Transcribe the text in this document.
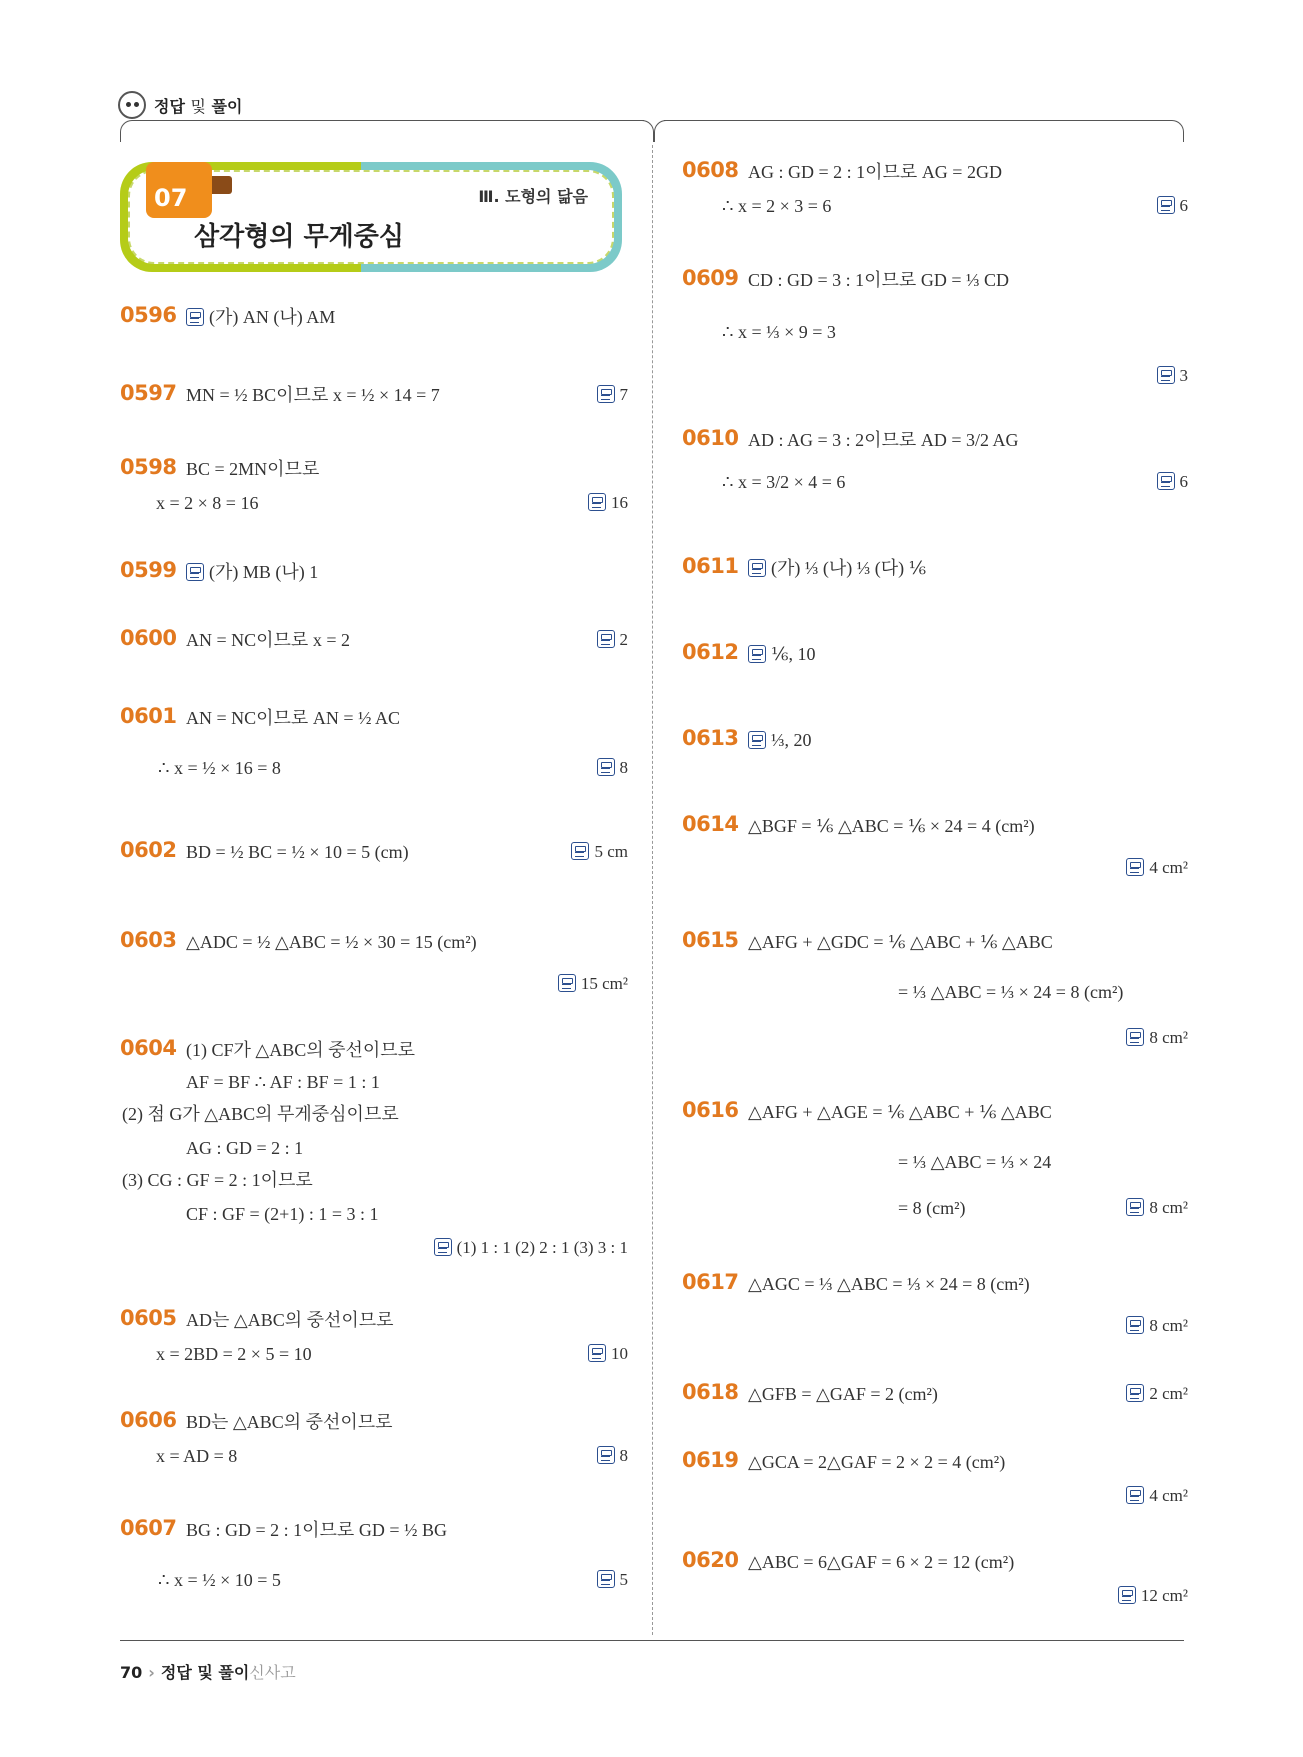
정답 및 풀이
07	Ⅲ. 도형의 닮음
삼각형의 무게중심
0596	(가) AN (나) AM
0597 MN = ½ BC이므로 x = ½ × 14 = 7	7
0598 BC = 2MN이므로
x = 2 × 8 = 16	16
0599	(가) MB (나) 1
0600 AN = NC이므로 x = 2	2
0601 AN = NC이므로 AN = ½ AC
∴ x = ½ × 16 = 8	8
0602 BD = ½ BC = ½ × 10 = 5 (cm)	5 cm
0603 △ADC = ½ △ABC = ½ × 30 = 15 (cm²)
15 cm²
0604 (1) CF가 △ABC의 중선이므로
AF = BF ∴ AF : BF = 1 : 1
(2) 점 G가 △ABC의 무게중심이므로
AG : GD = 2 : 1
(3) CG : GF = 2 : 1이므로
CF : GF = (2+1) : 1 = 3 : 1
(1) 1 : 1 (2) 2 : 1 (3) 3 : 1
0605 AD는 △ABC의 중선이므로
x = 2BD = 2 × 5 = 10	10
0606 BD는 △ABC의 중선이므로
x = AD = 8	8
0607 BG : GD = 2 : 1이므로 GD = ½ BG
∴ x = ½ × 10 = 5	5
0608 AG : GD = 2 : 1이므로 AG = 2GD
∴ x = 2 × 3 = 6	6
0609 CD : GD = 3 : 1이므로 GD = ⅓ CD
∴ x = ⅓ × 9 = 3
3
0610 AD : AG = 3 : 2이므로 AD = 3/2 AG
∴ x = 3/2 × 4 = 6	6
0611	(가) ⅓ (나) ⅓ (다) ⅙
0612	⅙, 10
0613	⅓, 20
0614 △BGF = ⅙ △ABC = ⅙ × 24 = 4 (cm²)
4 cm²
0615 △AFG + △GDC = ⅙ △ABC + ⅙ △ABC
= ⅓ △ABC = ⅓ × 24 = 8 (cm²)
8 cm²
0616 △AFG + △AGE = ⅙ △ABC + ⅙ △ABC
= ⅓ △ABC = ⅓ × 24
= 8 (cm²)	8 cm²
0617 △AGC = ⅓ △ABC = ⅓ × 24 = 8 (cm²)
8 cm²
0618 △GFB = △GAF = 2 (cm²)	2 cm²
0619 △GCA = 2△GAF = 2 × 2 = 4 (cm²)
4 cm²
0620 △ABC = 6△GAF = 6 × 2 = 12 (cm²)
12 cm²
70 › 정답 및 풀이신사고
